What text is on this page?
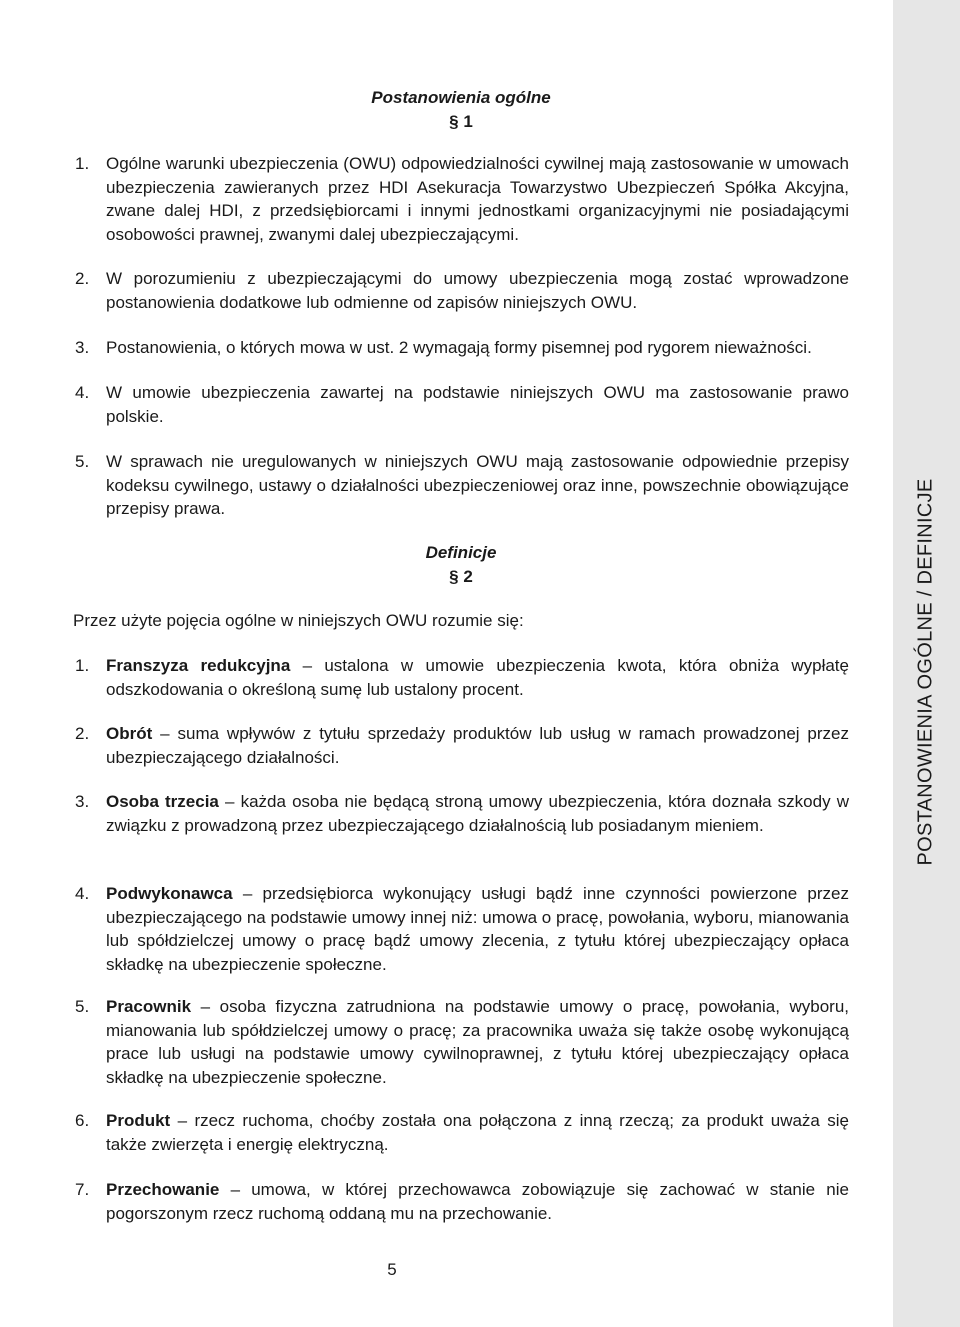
POSTANOWIENIA OGÓLNE / DEFINICJE
Postanowienia ogólne
§ 1
1. Ogólne warunki ubezpieczenia (OWU) odpowiedzialności cywilnej mają zastosowanie w umowach ubezpieczenia zawieranych przez HDI Asekuracja Towarzystwo Ubezpieczeń Spółka Akcyjna, zwane dalej HDI, z przedsiębiorcami i innymi jednostkami organizacyjnymi nie posiadającymi osobowości prawnej, zwanymi dalej ubezpieczającymi.
2. W porozumieniu z ubezpieczającymi do umowy ubezpieczenia mogą zostać wprowadzone postanowienia dodatkowe lub odmienne od zapisów niniejszych OWU.
3. Postanowienia, o których mowa w ust. 2 wymagają formy pisemnej pod rygorem nieważności.
4. W umowie ubezpieczenia zawartej na podstawie niniejszych OWU ma zastosowanie prawo polskie.
5. W sprawach nie uregulowanych w niniejszych OWU mają zastosowanie odpowiednie przepisy kodeksu cywilnego, ustawy o działalności ubezpieczeniowej oraz inne, powszechnie obowiązujące przepisy prawa.
Definicje
§ 2
Przez użyte pojęcia ogólne w niniejszych OWU rozumie się:
1. Franszyza redukcyjna – ustalona w umowie ubezpieczenia kwota, która obniża wypłatę odszkodowania o określoną sumę lub ustalony procent.
2. Obrót – suma wpływów z tytułu sprzedaży produktów lub usług w ramach prowadzonej przez ubezpieczającego działalności.
3. Osoba trzecia – każda osoba nie będącą stroną umowy ubezpieczenia, która doznała szkody w związku z prowadzoną przez ubezpieczającego działalnością lub posiadanym mieniem.
4. Podwykonawca – przedsiębiorca wykonujący usługi bądź inne czynności powierzone przez ubezpieczającego na podstawie umowy innej niż: umowa o pracę, powołania, wyboru, mianowania lub spółdzielczej umowy o pracę bądź umowy zlecenia, z tytułu której ubezpieczający opłaca składkę na ubezpieczenie społeczne.
5. Pracownik – osoba fizyczna zatrudniona na podstawie umowy o pracę, powołania, wyboru, mianowania lub spółdzielczej umowy o pracę; za pracownika uważa się także osobę wykonującą prace lub usługi na podstawie umowy cywilnoprawnej, z tytułu której ubezpieczający opłaca składkę na ubezpieczenie społeczne.
6. Produkt – rzecz ruchoma, choćby została ona połączona z inną rzeczą; za produkt uważa się także zwierzęta i energię elektryczną.
7. Przechowanie – umowa, w której przechowawca zobowiązuje się zachować w stanie nie pogorszonym rzecz ruchomą oddaną mu na przechowanie.
5
